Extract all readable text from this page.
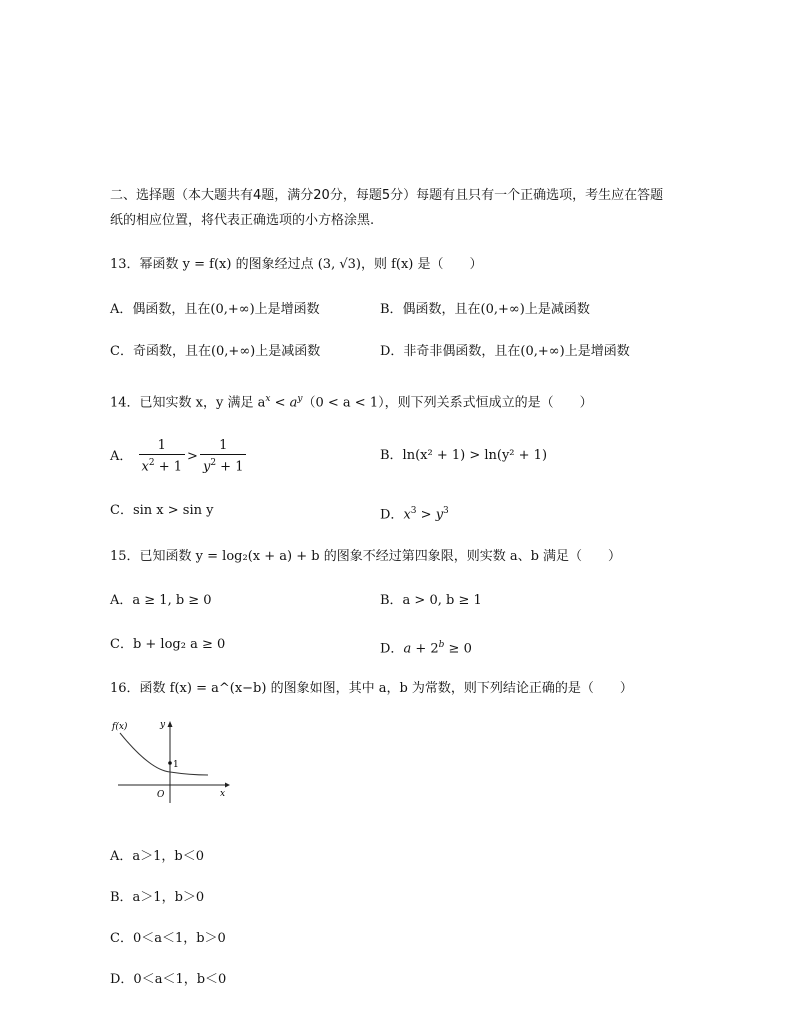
二、选择题（本大题共有4题，满分20分，每题5分）每题有且只有一个正确选项，考生应在答题
纸的相应位置，将代表正确选项的小方格涂黑.
13．幂函数 y = f(x) 的图象经过点 (3, √3)，则 f(x) 是（　　）
A．偶函数，且在(0,+∞)上是增函数	B．偶函数，且在(0,+∞)上是减函数
C．奇函数，且在(0,+∞)上是减函数	D．非奇非偶函数，且在(0,+∞)上是增函数
14．已知实数 x，y 满足 $a^x < a^y(0 < a < 1)$，则下列关系式恒成立的是（　　）
A． $\frac{1}{x^2 + 1} > \frac{1}{y^2 + 1}$	B．ln(x² + 1) > ln(y² + 1)
C．sin x > sin y	D．$x^3 > y^3$
15．已知函数 y = log₂(x + a) + b 的图象不经过第四象限，则实数 a、b 满足（　　）
A．a ≥ 1, b ≥ 0	B．a > 0, b ≥ 1
C．b + log₂ a ≥ 0	D．$a + 2^b \ge 0$
16．函数 f(x) = a^(x−b) 的图象如图，其中 a，b 为常数，则下列结论正确的是（　　）
f(x)	y
1
O	x
A．a＞1，b＜0
B．a＞1，b＞0
C．0＜a＜1，b＞0
D．0＜a＜1，b＜0
